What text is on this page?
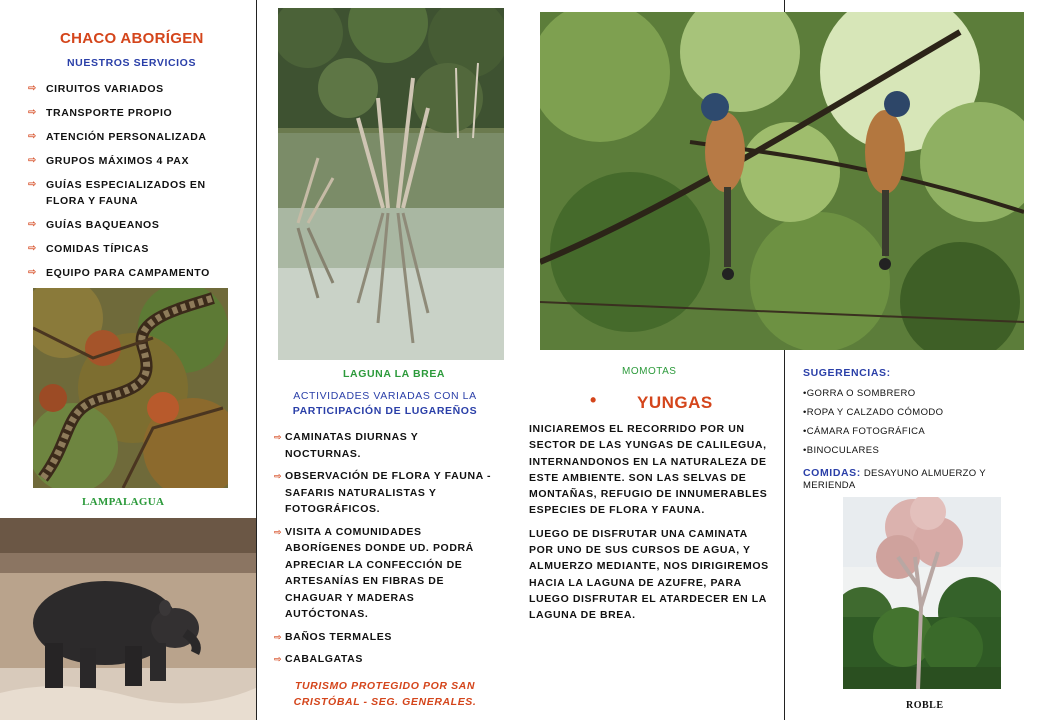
CHACO ABORÍGEN
NUESTROS SERVICIOS
⇨ CIRUITOS VARIADOS
⇨ TRANSPORTE PROPIO
⇨ ATENCIÓN PERSONALIZADA
⇨ GRUPOS MÁXIMOS 4 PAX
⇨ GUÍAS ESPECIALIZADOS EN FLORA Y FAUNA
⇨ GUÍAS BAQUEANOS
⇨ COMIDAS TÍPICAS
⇨ EQUIPO PARA CAMPAMENTO
LAMPALAGUA
LAGUNA LA BREA
ACTIVIDADES VARIADAS CON LA
PARTICIPACIÓN DE LUGAREÑOS
⇨ CAMINATAS DIURNAS Y NOCTURNAS.
⇨ OBSERVACIÓN DE FLORA Y FAUNA - SAFARIS NATURALISTAS Y FOTOGRÁFICOS.
⇨ VISITA A COMUNIDADES ABORÍGENES DONDE UD. PODRÁ APRECIAR LA CONFECCIÓN DE ARTESANÍAS EN FIBRAS DE CHAGUAR Y MADERAS AUTÓCTONAS.
⇨ BAÑOS TERMALES
⇨ CABALGATAS
TURISMO PROTEGIDO POR SAN
CRISTÓBAL - SEG. GENERALES.
MOMOTAS
• YUNGAS

INICIAREMOS EL RECORRIDO POR UN SECTOR DE LAS YUNGAS DE CALILEGUA, INTERNANDONOS EN LA NATURALEZA DE ESTE AMBIENTE. SON LAS SELVAS DE MONTAÑAS, REFUGIO DE INNUMERABLES ESPECIES DE FLORA Y FAUNA.

LUEGO DE DISFRUTAR UNA CAMINATA POR UNO DE SUS CURSOS DE AGUA, Y ALMUERZO MEDIANTE, NOS DIRIGIREMOS HACIA LA LAGUNA DE AZUFRE, PARA LUEGO DISFRUTAR EL ATARDECER EN LA LAGUNA DE BREA.

SUGERENCIAS:
•GORRA O SOMBRERO
•ROPA Y CALZADO CÓMODO
•CÁMARA FOTOGRÁFICA
•BINOCULARES
COMIDAS: DESAYUNO ALMUERZO Y MERIENDA
ROBLE
